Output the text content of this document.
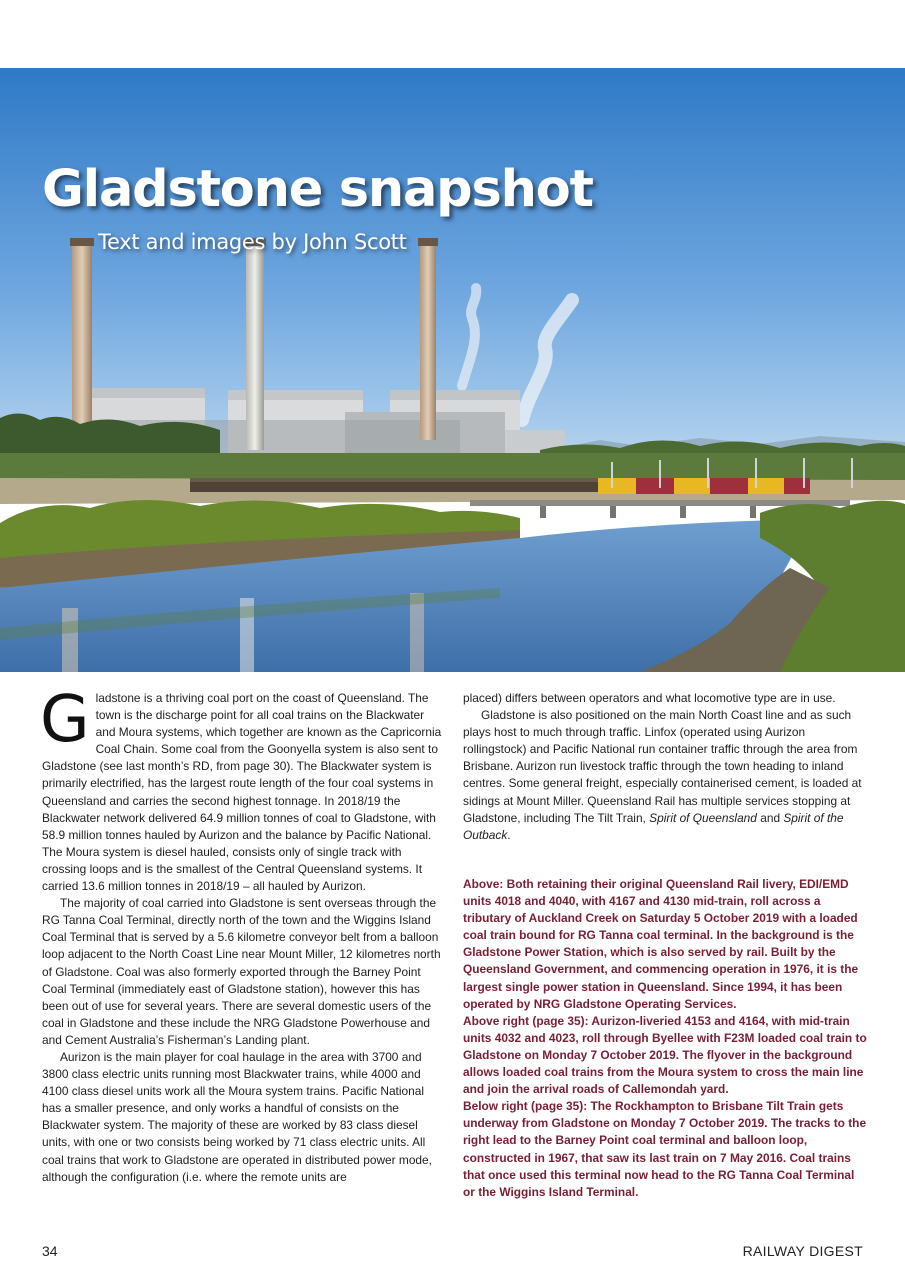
Gladstone snapshot

Text and images by John Scott

Gladstone is a thriving coal port on the coast of Queensland. The town is the discharge point for all coal trains on the Blackwater and Moura systems, which together are known as the Capricornia Coal Chain. Some coal from the Goonyella system is also sent to Gladstone (see last month’s RD, from page 30). The Blackwater system is primarily electrified, has the largest route length of the four coal systems in Queensland and carries the second highest tonnage. In 2018/19 the Blackwater network delivered 64.9 million tonnes of coal to Gladstone, with 58.9 million tonnes hauled by Aurizon and the balance by Pacific National. The Moura system is diesel hauled, consists only of single track with crossing loops and is the smallest of the Central Queensland systems. It carried 13.6 million tonnes in 2018/19 – all hauled by Aurizon.

The majority of coal carried into Gladstone is sent overseas through the RG Tanna Coal Terminal, directly north of the town and the Wiggins Island Coal Terminal that is served by a 5.6 kilometre conveyor belt from a balloon loop adjacent to the North Coast Line near Mount Miller, 12 kilometres north of Gladstone. Coal was also formerly exported through the Barney Point Coal Terminal (immediately east of Gladstone station), however this has been out of use for several years. There are several domestic users of the coal in Gladstone and these include the NRG Gladstone Powerhouse and and Cement Australia’s Fisherman’s Landing plant.

Aurizon is the main player for coal haulage in the area with 3700 and 3800 class electric units running most Blackwater trains, while 4000 and 4100 class diesel units work all the Moura system trains. Pacific National has a smaller presence, and only works a handful of consists on the Blackwater system. The majority of these are worked by 83 class diesel units, with one or two consists being worked by 71 class electric units. All coal trains that work to Gladstone are operated in distributed power mode, although the configuration (i.e. where the remote units are

placed) differs between operators and what locomotive type are in use.

Gladstone is also positioned on the main North Coast line and as such plays host to much through traffic. Linfox (operated using Aurizon rollingstock) and Pacific National run container traffic through the area from Brisbane. Aurizon run livestock traffic through the town heading to inland centres. Some general freight, especially containerised cement, is loaded at sidings at Mount Miller. Queensland Rail has multiple services stopping at Gladstone, including The Tilt Train, Spirit of Queensland and Spirit of the Outback.

Above: Both retaining their original Queensland Rail livery, EDI/EMD units 4018 and 4040, with 4167 and 4130 mid-train, roll across a tributary of Auckland Creek on Saturday 5 October 2019 with a loaded coal train bound for RG Tanna coal terminal. In the background is the Gladstone Power Station, which is also served by rail. Built by the Queensland Government, and commencing operation in 1976, it is the largest single power station in Queensland. Since 1994, it has been operated by NRG Gladstone Operating Services.

Above right (page 35): Aurizon-liveried 4153 and 4164, with mid-train units 4032 and 4023, roll through Byellee with F23M loaded coal train to Gladstone on Monday 7 October 2019. The flyover in the background allows loaded coal trains from the Moura system to cross the main line and join the arrival roads of Callemondah yard.

Below right (page 35): The Rockhampton to Brisbane Tilt Train gets underway from Gladstone on Monday 7 October 2019. The tracks to the right lead to the Barney Point coal terminal and balloon loop, constructed in 1967, that saw its last train on 7 May 2016. Coal trains that once used this terminal now head to the RG Tanna Coal Terminal or the Wiggins Island Terminal.

34	RAILWAY DIGEST
